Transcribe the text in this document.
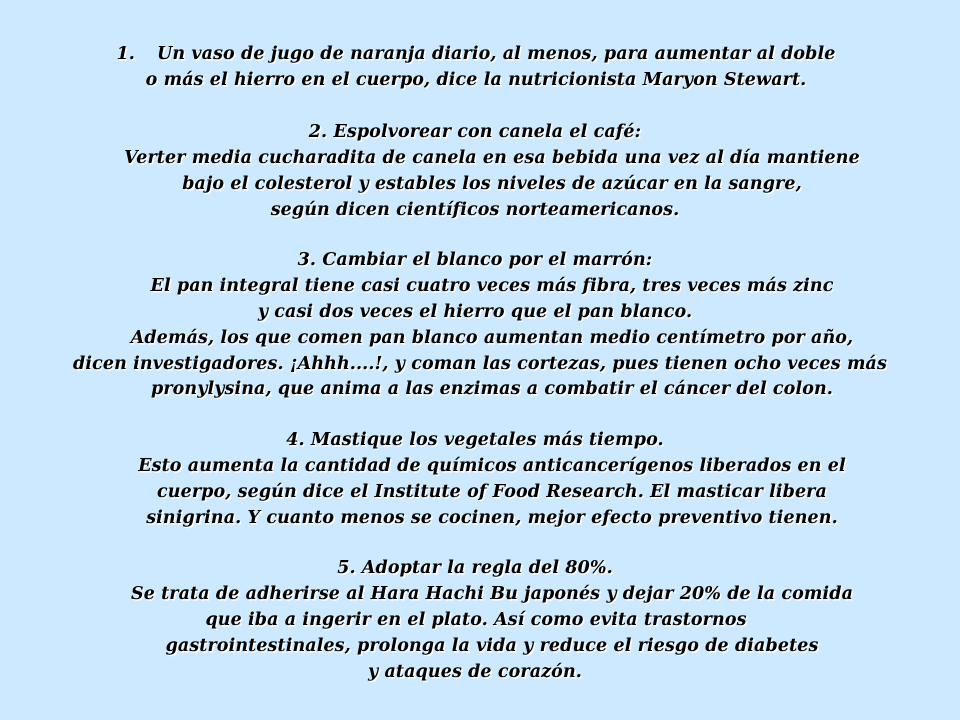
1. Un vaso de jugo de naranja diario, al menos, para aumentar al doble
o más el hierro en el cuerpo, dice la nutricionista Maryon Stewart.
2. Espolvorear con canela el café:
Verter media cucharadita de canela en esa bebida una vez al día mantiene
bajo el colesterol y estables los niveles de azúcar en la sangre,
según dicen científicos norteamericanos.
3. Cambiar el blanco por el marrón:
El pan integral tiene casi cuatro veces más fibra, tres veces más zinc
y casi dos veces el hierro que el pan blanco.
Además, los que comen pan blanco aumentan medio centímetro por año,
dicen investigadores. ¡Ahhh....!, y coman las cortezas, pues tienen ocho veces más
pronylysina, que anima a las enzimas a combatir el cáncer del colon.
4. Mastique los vegetales más tiempo.
Esto aumenta la cantidad de químicos anticancerígenos liberados en el
cuerpo, según dice el Institute of Food Research. El masticar libera
sinigrina. Y cuanto menos se cocinen, mejor efecto preventivo tienen.
5. Adoptar la regla del 80%.
Se trata de adherirse al Hara Hachi Bu japonés y dejar 20% de la comida
que iba a ingerir en el plato. Así como evita trastornos
gastrointestinales, prolonga la vida y reduce el riesgo de diabetes
y ataques de corazón.
